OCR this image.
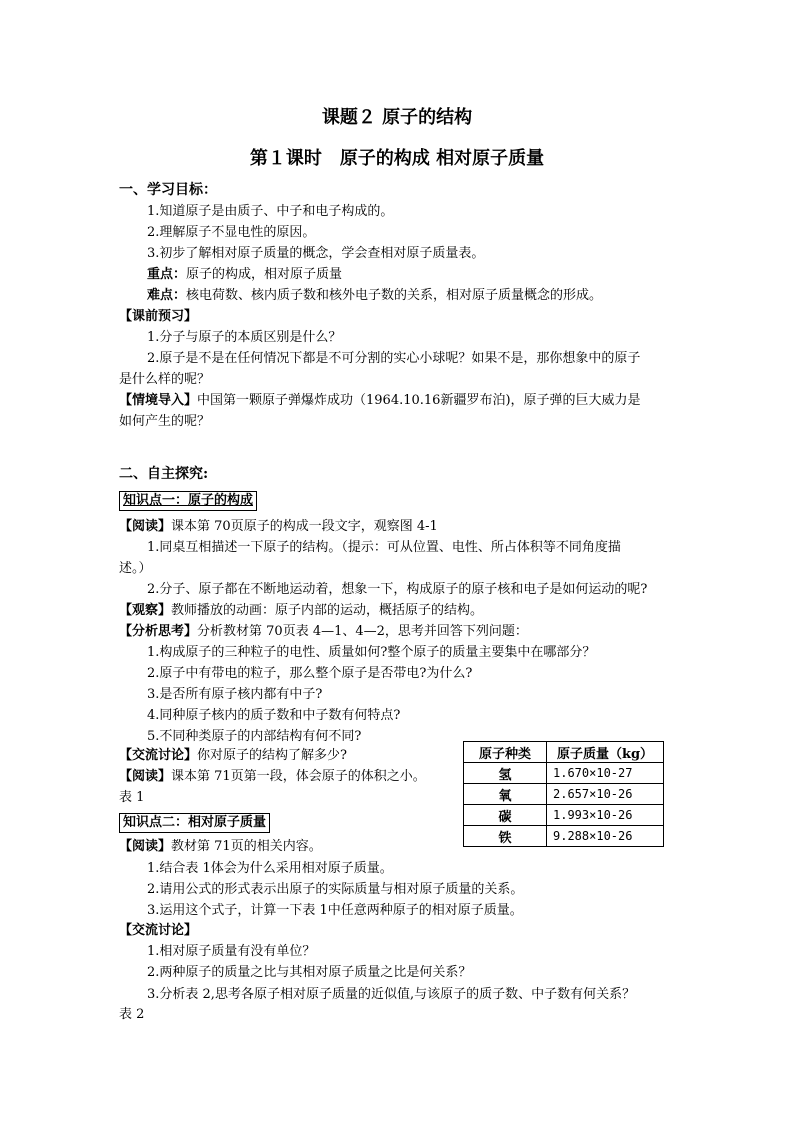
课题２ 原子的结构
第１课时　原子的构成 相对原子质量
一、学习目标：
1.知道原子是由质子、中子和电子构成的。
2.理解原子不显电性的原因。
3.初步了解相对原子质量的概念，学会查相对原子质量表。
重点：原子的构成，相对原子质量
难点：核电荷数、核内质子数和核外电子数的关系，相对原子质量概念的形成。
【课前预习】
1.分子与原子的本质区别是什么？
2.原子是不是在任何情况下都是不可分割的实心小球呢？如果不是，那你想象中的原子
是什么样的呢？
【情境导入】中国第一颗原子弹爆炸成功（1964.10.16新疆罗布泊)，原子弹的巨大威力是
如何产生的呢？
二、自主探究:
知识点一：原子的构成
【阅读】课本第 70页原子的构成一段文字，观察图 4-1
1.同桌互相描述一下原子的结构。（提示：可从位置、电性、所占体积等不同角度描
述。）
2.分子、原子都在不断地运动着，想象一下，构成原子的原子核和电子是如何运动的呢?
【观察】教师播放的动画：原子内部的运动，概括原子的结构。
【分析思考】分析教材第 70页表 4—1、4—2，思考并回答下列问题：
1.构成原子的三种粒子的电性、质量如何?整个原子的质量主要集中在哪部分？
2.原子中有带电的粒子，那么整个原子是否带电?为什么?
3.是否所有原子核内都有中子?
4.同种原子核内的质子数和中子数有何特点?
5.不同种类原子的内部结构有何不同?
【交流讨论】你对原子的结构了解多少?
【阅读】课本第 71页第一段，体会原子的体积之小。
表 1
知识点二：相对原子质量
【阅读】教材第 71页的相关内容。
1.结合表 1体会为什么采用相对原子质量。
2.请用公式的形式表示出原子的实际质量与相对原子质量的关系。
3.运用这个式子，计算一下表 1中任意两种原子的相对原子质量。
【交流讨论】
1.相对原子质量有没有单位？
2.两种原子的质量之比与其相对原子质量之比是何关系？
3.分析表 2,思考各原子相对原子质量的近似值,与该原子的质子数、中子数有何关系？
表 2
原子种类	原子质量（kg）
氢	1.670×10-27
氧	2.657×10-26
碳	1.993×10-26
铁	9.288×10-26
